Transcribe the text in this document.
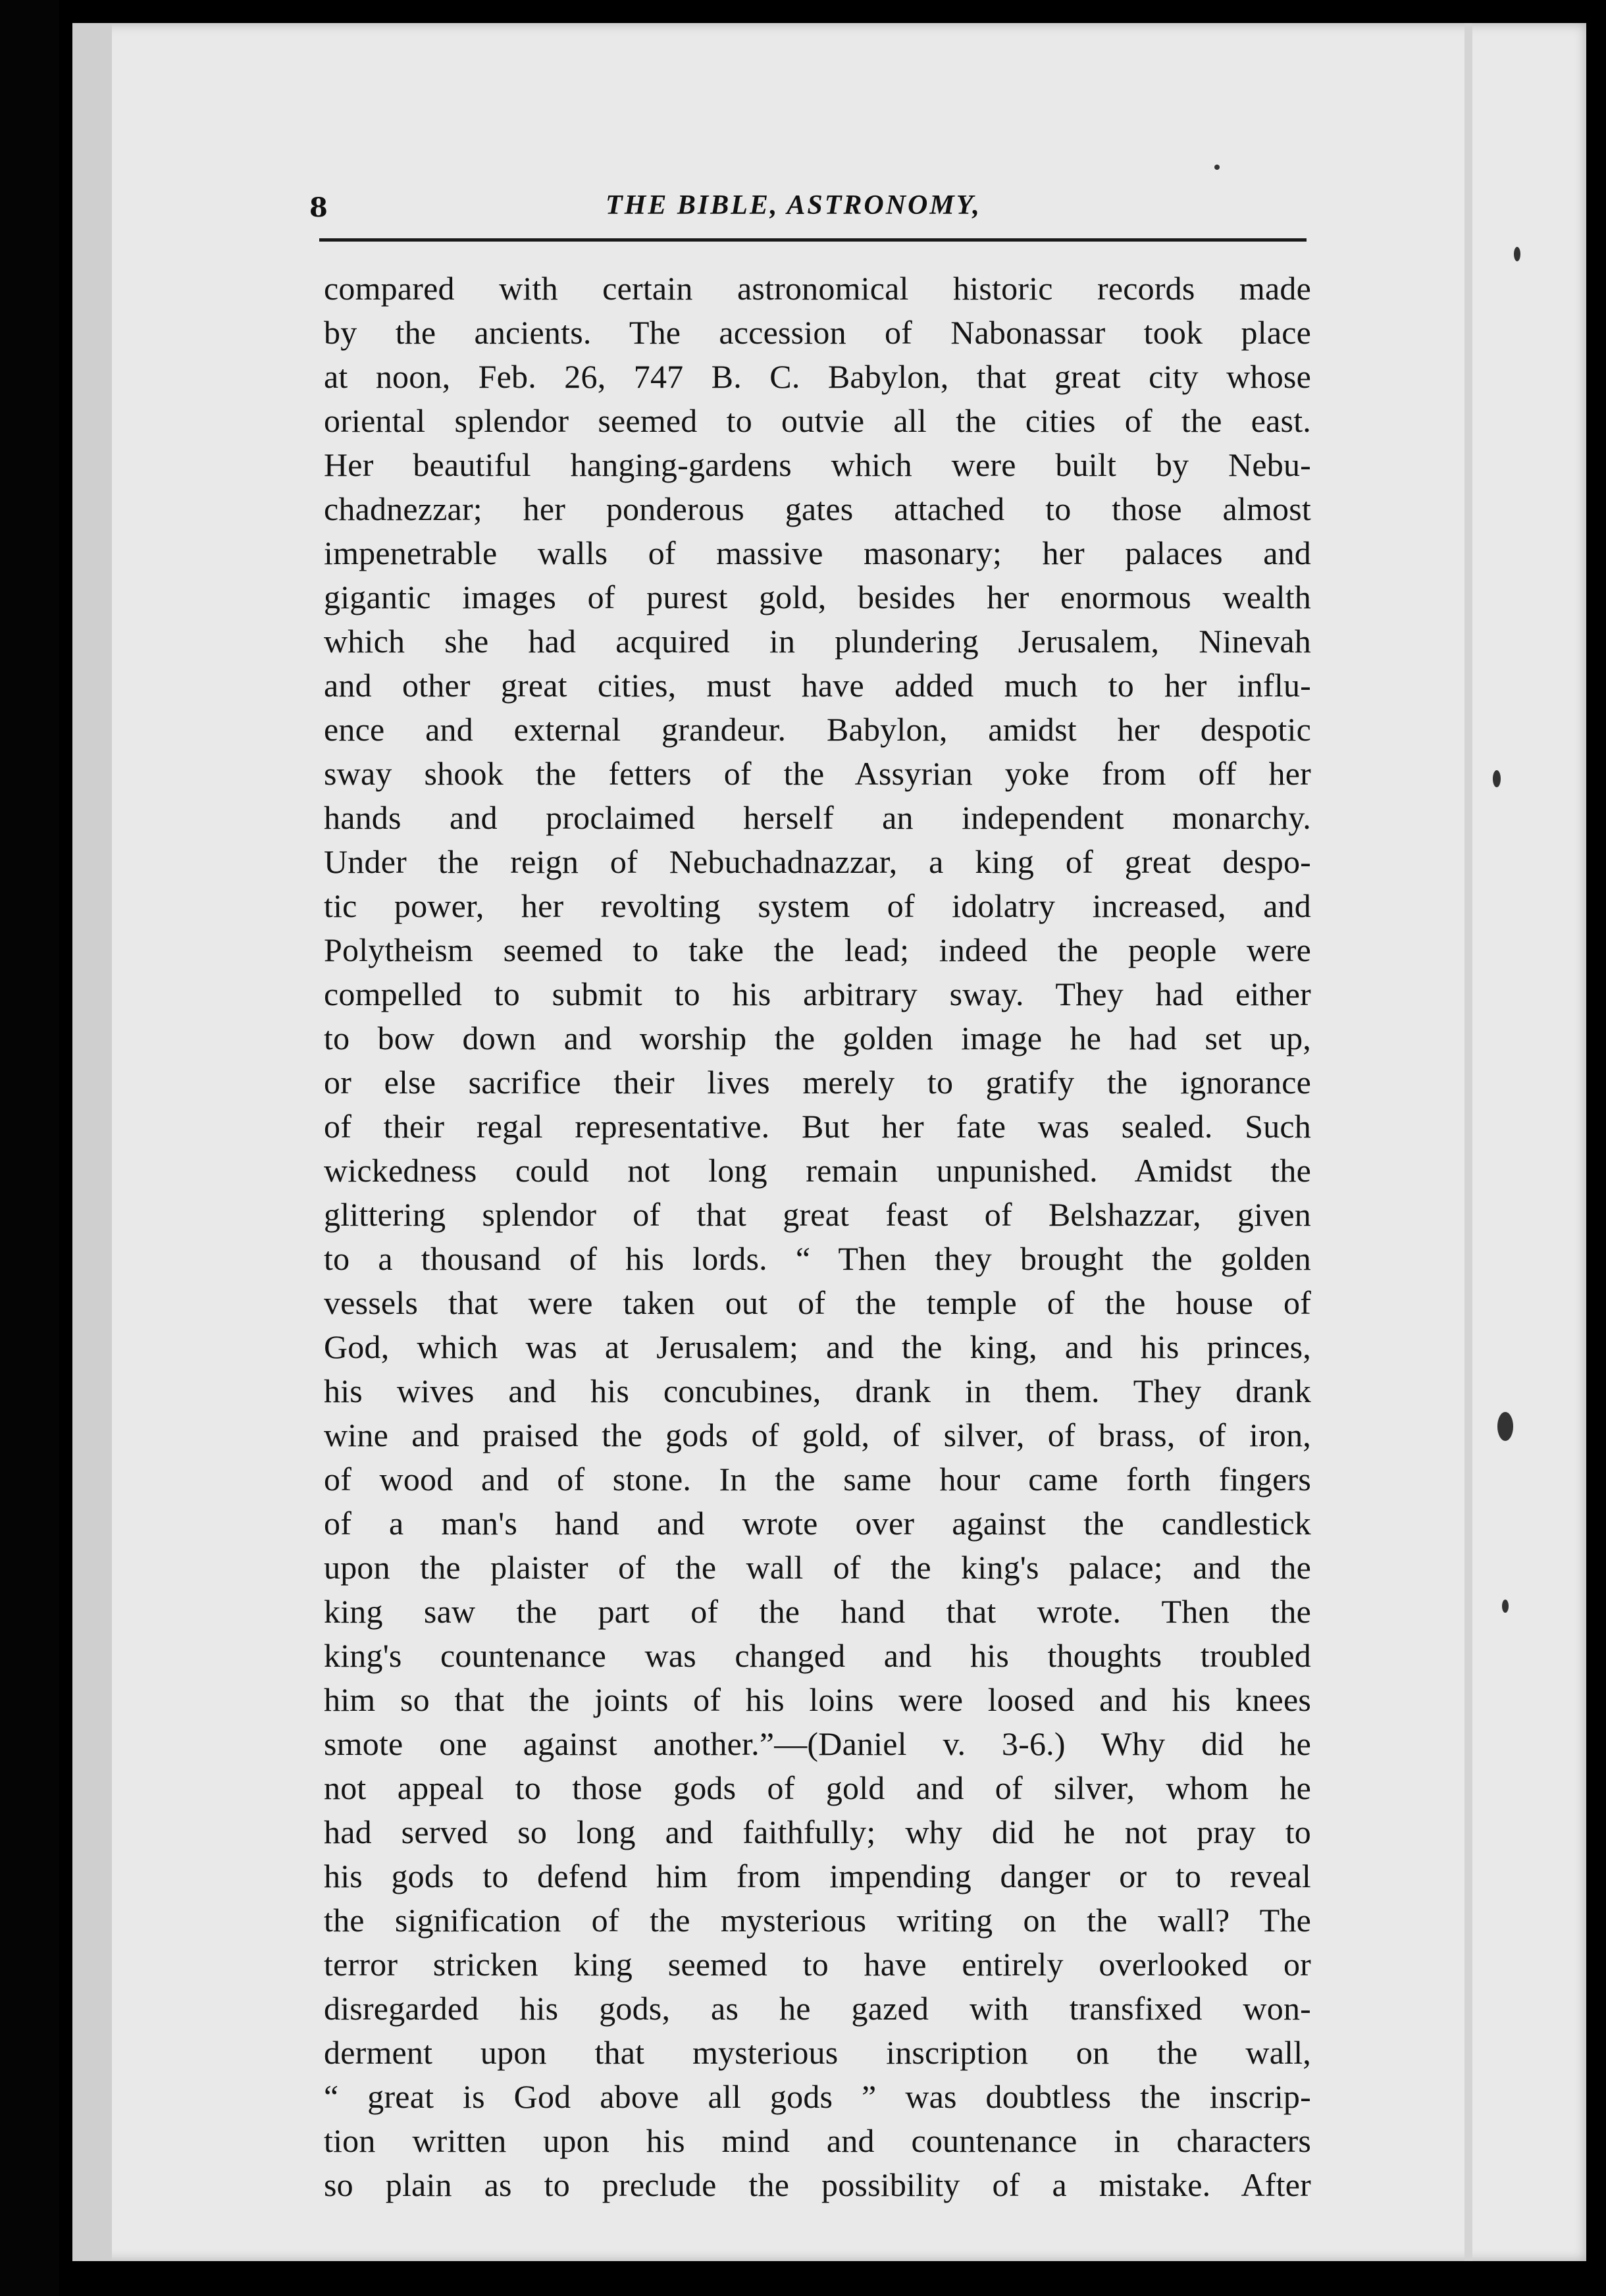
8	THE BIBLE, ASTRONOMY,
compared with certain astronomical historic records made
by the ancients. The accession of Nabonassar took place
at noon, Feb. 26, 747 B. C. Babylon, that great city whose
oriental splendor seemed to outvie all the cities of the east.
Her beautiful hanging-gardens which were built by Nebu-
chadnezzar; her ponderous gates attached to those almost
impenetrable walls of massive masonary; her palaces and
gigantic images of purest gold, besides her enormous wealth
which she had acquired in plundering Jerusalem, Ninevah
and other great cities, must have added much to her influ-
ence and external grandeur. Babylon, amidst her despotic
sway shook the fetters of the Assyrian yoke from off her
hands and proclaimed herself an independent monarchy.
Under the reign of Nebuchadnazzar, a king of great despo-
tic power, her revolting system of idolatry increased, and
Polytheism seemed to take the lead; indeed the people were
compelled to submit to his arbitrary sway. They had either
to bow down and worship the golden image he had set up,
or else sacrifice their lives merely to gratify the ignorance
of their regal representative. But her fate was sealed. Such
wickedness could not long remain unpunished. Amidst the
glittering splendor of that great feast of Belshazzar, given
to a thousand of his lords. “ Then they brought the golden
vessels that were taken out of the temple of the house of
God, which was at Jerusalem; and the king, and his princes,
his wives and his concubines, drank in them. They drank
wine and praised the gods of gold, of silver, of brass, of iron,
of wood and of stone. In the same hour came forth fingers
of a man's hand and wrote over against the candlestick
upon the plaister of the wall of the king's palace; and the
king saw the part of the hand that wrote. Then the
king's countenance was changed and his thoughts troubled
him so that the joints of his loins were loosed and his knees
smote one against another.”—(Daniel v. 3-6.) Why did he
not appeal to those gods of gold and of silver, whom he
had served so long and faithfully; why did he not pray to
his gods to defend him from impending danger or to reveal
the signification of the mysterious writing on the wall? The
terror stricken king seemed to have entirely overlooked or
disregarded his gods, as he gazed with transfixed won-
derment upon that mysterious inscription on the wall,
“ great is God above all gods ” was doubtless the inscrip-
tion written upon his mind and countenance in characters
so plain as to preclude the possibility of a mistake. After
